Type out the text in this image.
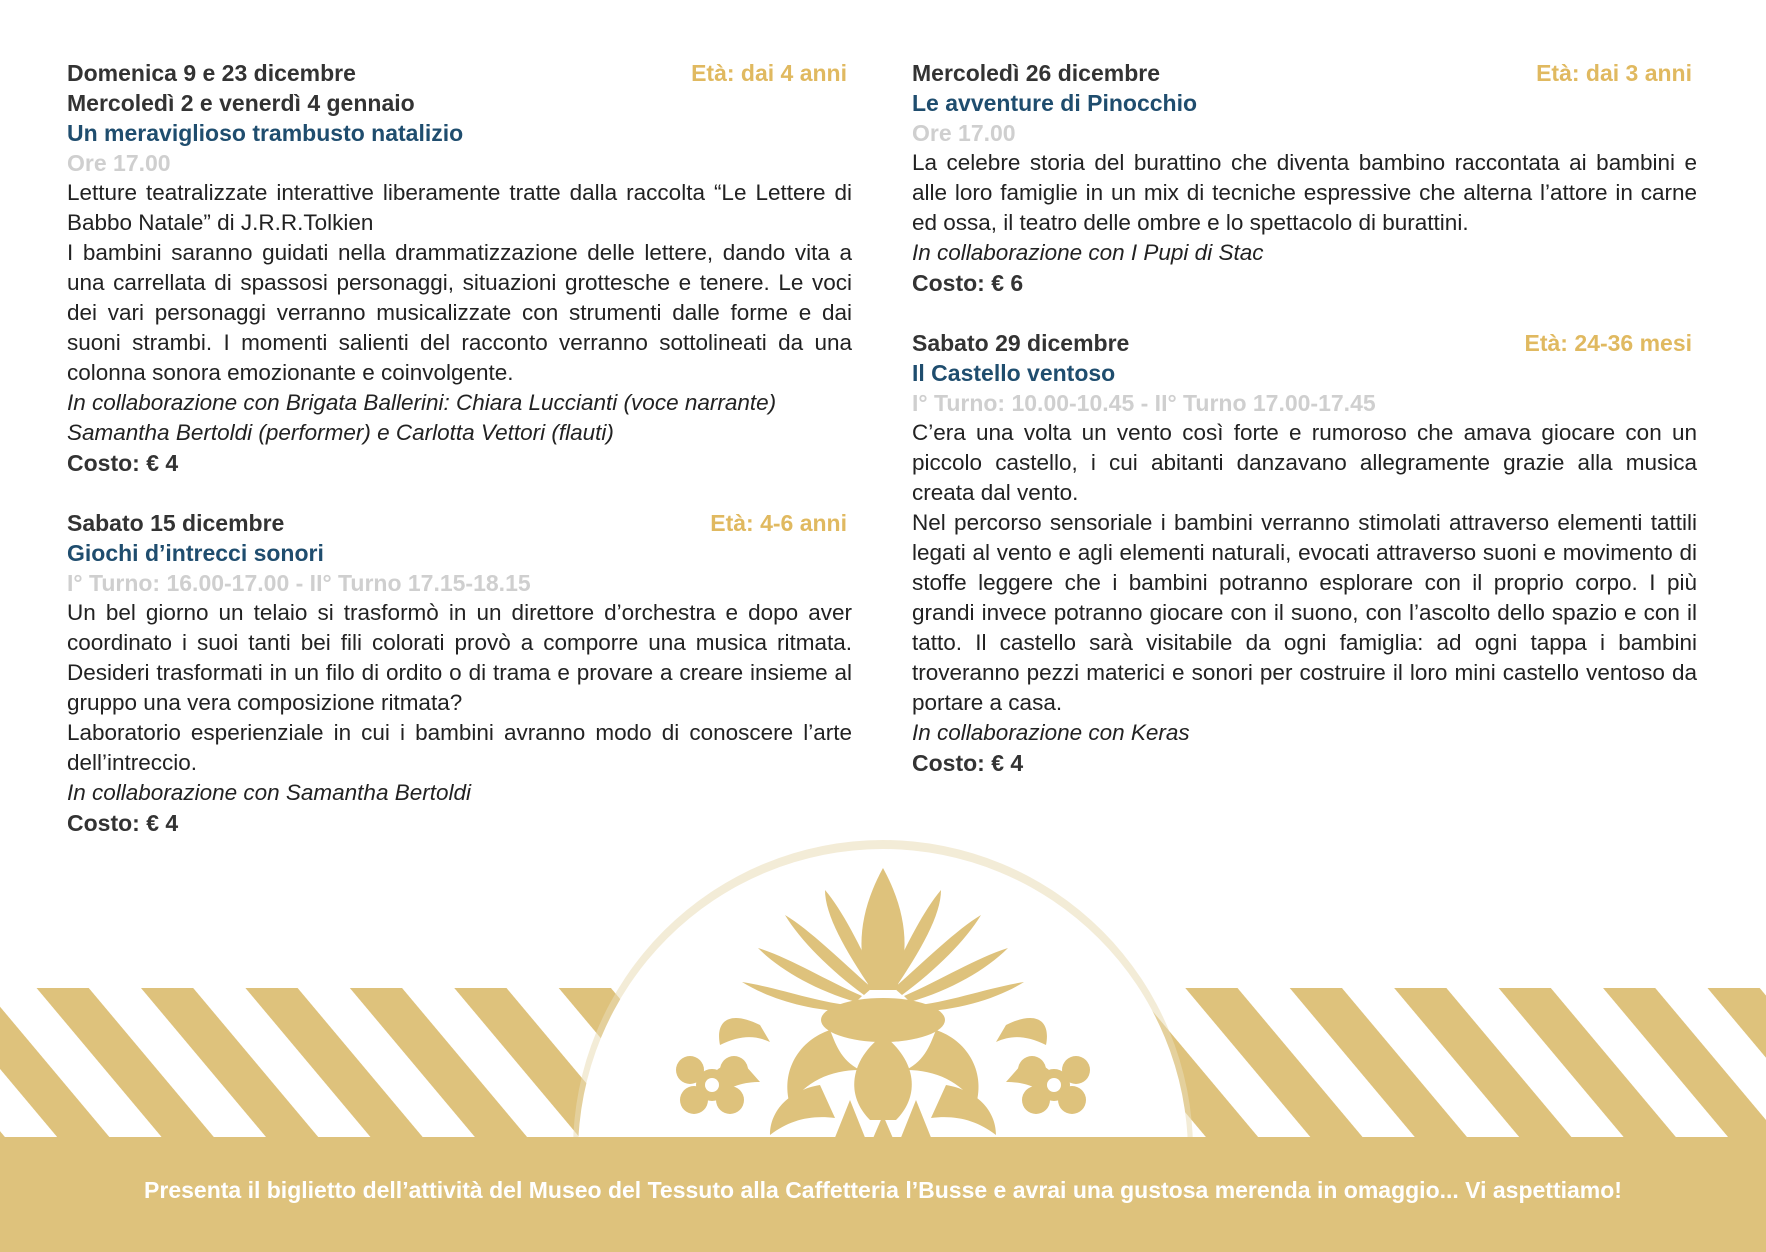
Domenica 9 e 23 dicembre	Età: dai 4 anni
Mercoledì 2 e venerdì 4 gennaio
Un meraviglioso trambusto natalizio
Ore 17.00
Letture teatralizzate interattive liberamente tratte dalla raccolta “Le Lettere di Babbo Natale” di J.R.R.Tolkien
I bambini saranno guidati nella drammatizzazione delle lettere, dando vita a una carrellata di spassosi personaggi, situazioni grottesche e tenere. Le voci dei vari personaggi verranno musicalizzate con strumenti dalle forme e dai suoni strambi. I momenti salienti del racconto verranno sottolineati da una colonna sonora emozionante e coinvolgente.
In collaborazione con Brigata Ballerini: Chiara Luccianti (voce narrante) Samantha Bertoldi (performer) e Carlotta Vettori (flauti)
Costo: € 4
Sabato 15 dicembre	Età: 4-6 anni
Giochi d’intrecci sonori
I° Turno: 16.00-17.00 - II° Turno 17.15-18.15
Un bel giorno un telaio si trasformò in un direttore d’orchestra e dopo aver coordinato i suoi tanti bei fili colorati provò a comporre una musica ritmata. Desideri trasformati in un filo di ordito o di trama e provare a creare insieme al gruppo una vera composizione ritmata?
Laboratorio esperienziale in cui i bambini avranno modo di conoscere l’arte dell’intreccio.
In collaborazione con Samantha Bertoldi
Costo: € 4
Mercoledì 26 dicembre	Età: dai 3 anni
Le avventure di Pinocchio
Ore 17.00
La celebre storia del burattino che diventa bambino raccontata ai bambini e alle loro famiglie in un mix di tecniche espressive che alterna l’attore in carne ed ossa, il teatro delle ombre e lo spettacolo di burattini.
In collaborazione con I Pupi di Stac
Costo: € 6
Sabato 29 dicembre	Età: 24-36 mesi
Il Castello ventoso
I° Turno: 10.00-10.45 - II° Turno 17.00-17.45
C’era una volta un vento così forte e rumoroso che amava giocare con un piccolo castello, i cui abitanti danzavano allegramente grazie alla musica creata dal vento.
Nel percorso sensoriale i bambini verranno stimolati attraverso elementi tattili legati al vento e agli elementi naturali, evocati attraverso suoni e movimento di stoffe leggere che i bambini potranno esplorare con il proprio corpo. I più grandi invece potranno giocare con il suono, con l’ascolto dello spazio e con il tatto. Il castello sarà visitabile da ogni famiglia: ad ogni tappa i bambini troveranno pezzi materici e sonori per costruire il loro mini castello ventoso da portare a casa.
In collaborazione con Keras
Costo: € 4
Presenta il biglietto dell’attività del Museo del Tessuto alla Caffetteria l’Busse e avrai una gustosa merenda in omaggio... Vi aspettiamo!
